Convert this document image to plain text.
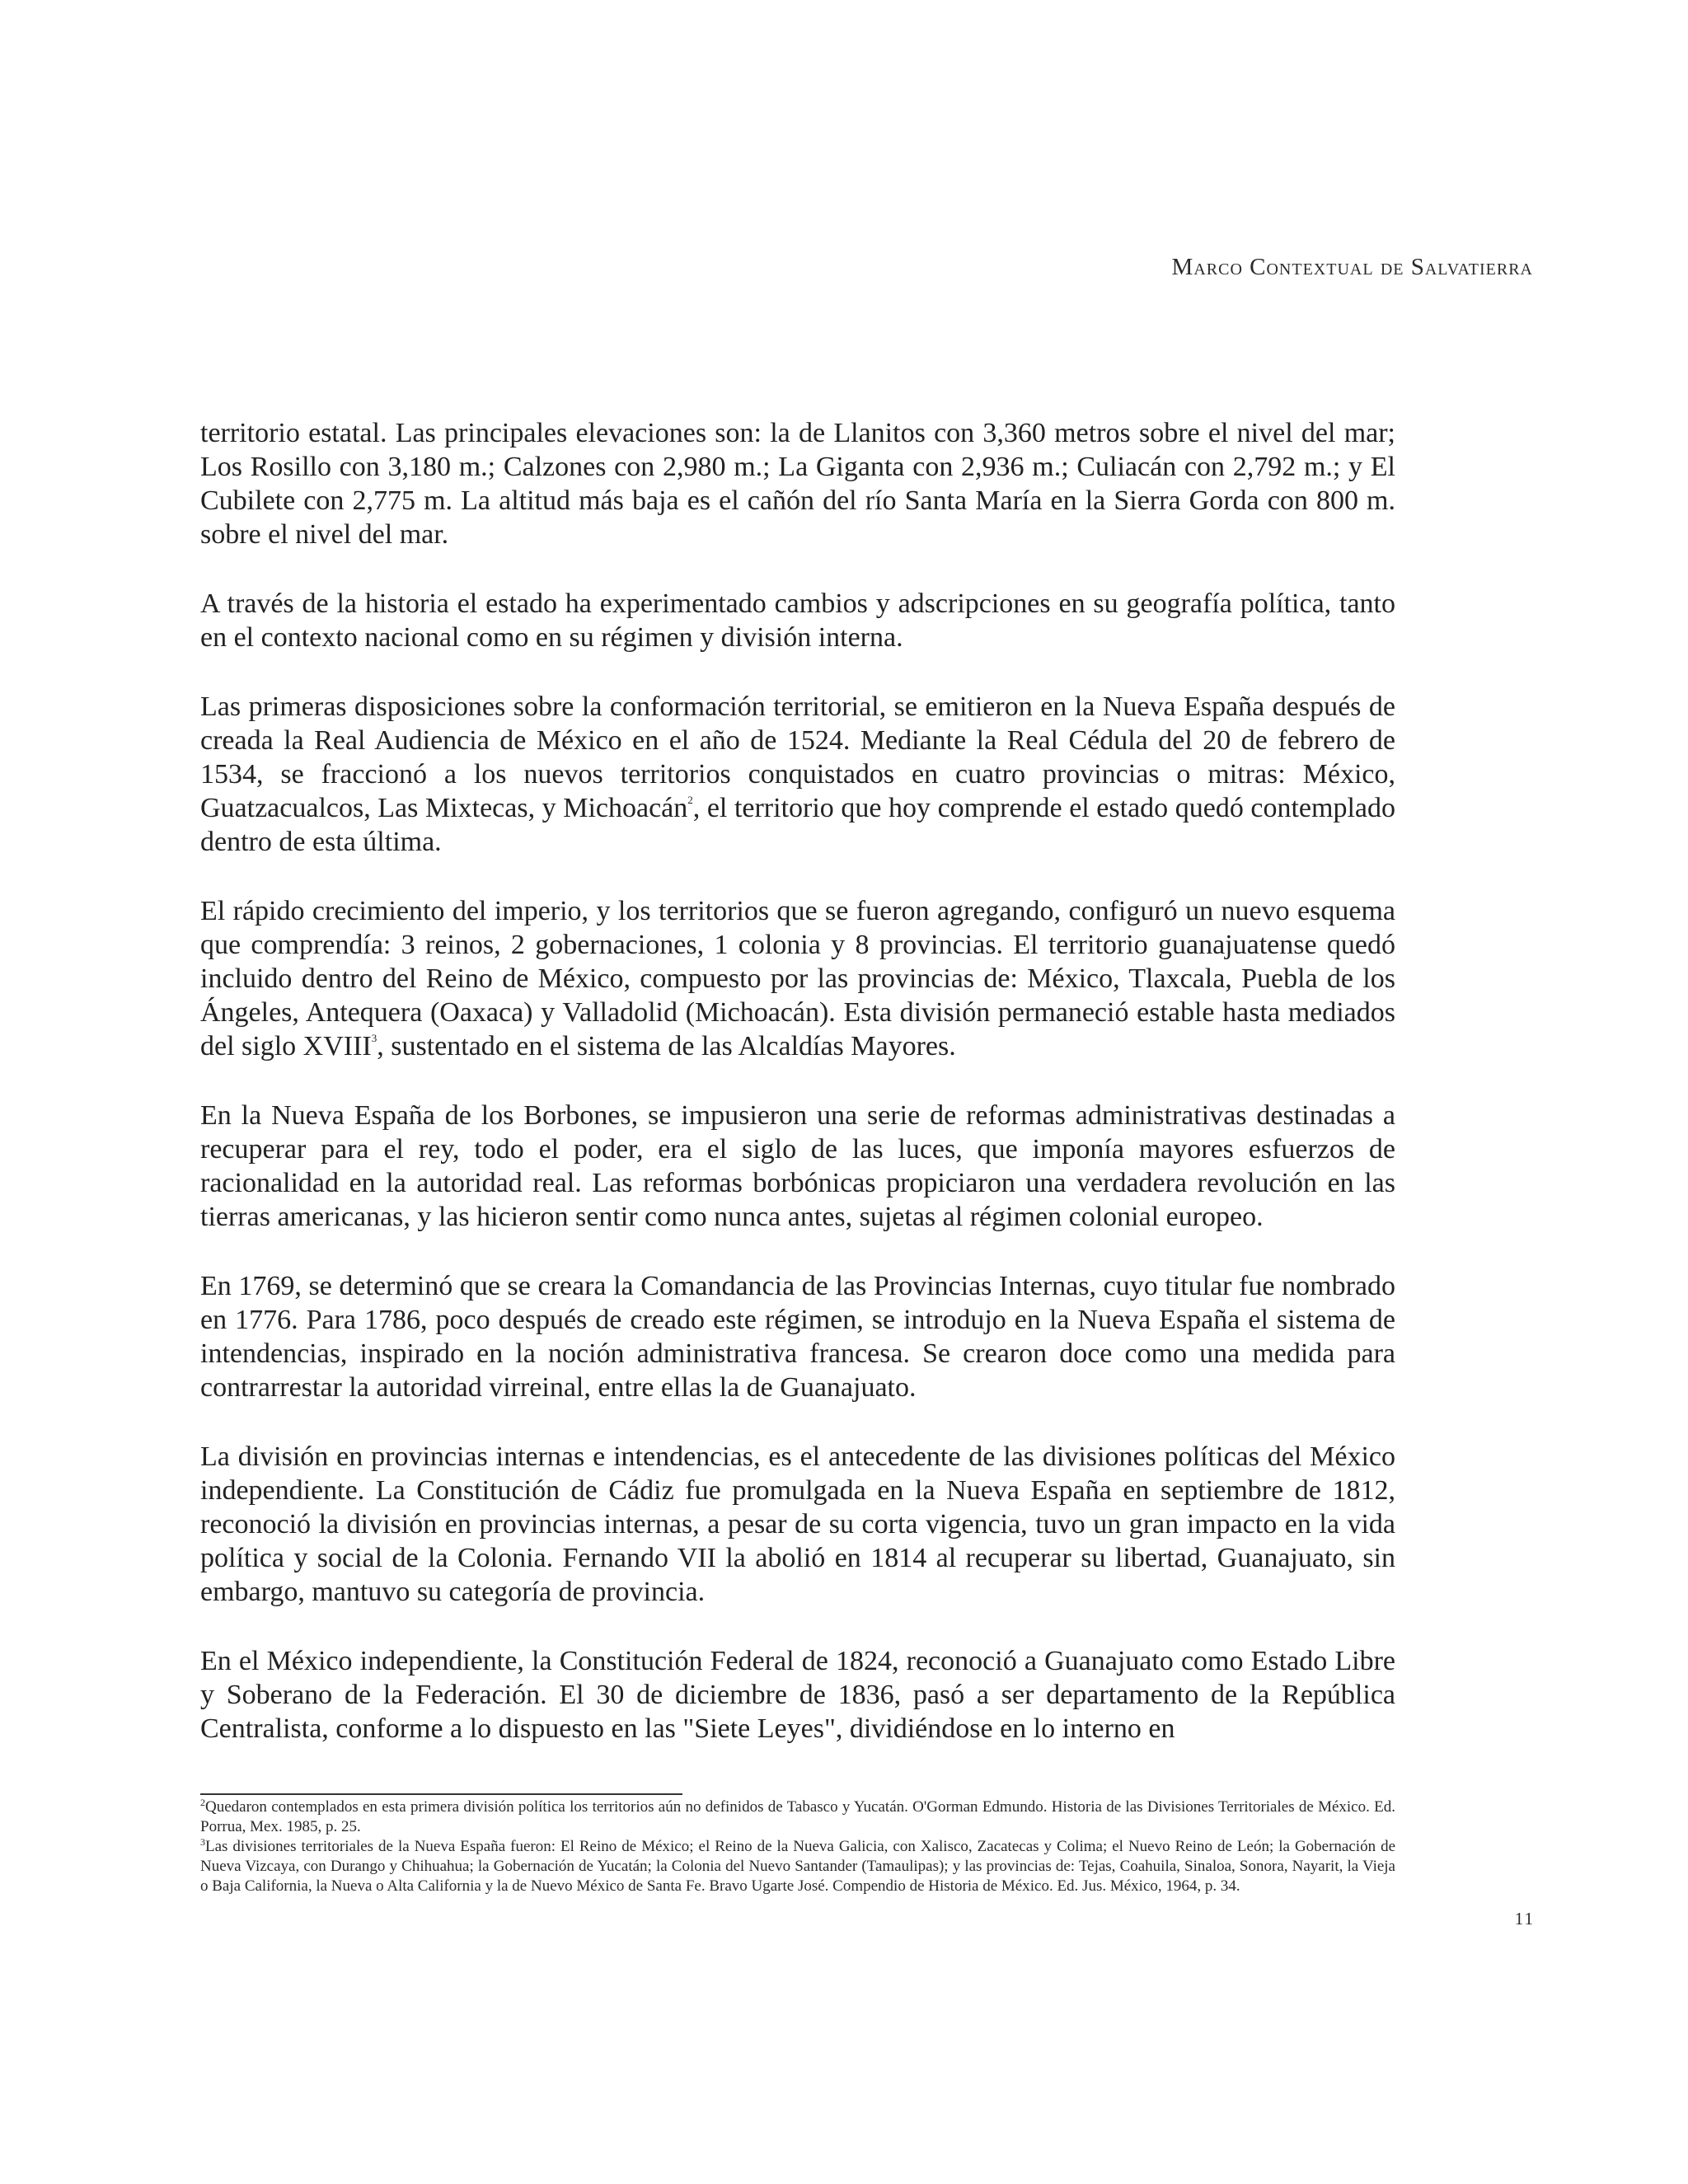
Marco Contextual de Salvatierra

territorio estatal. Las principales elevaciones son: la de Llanitos con 3,360 metros sobre el nivel del mar; Los Rosillo con 3,180 m.; Calzones con 2,980 m.; La Giganta con 2,936 m.; Culiacán con 2,792 m.; y El Cubilete con 2,775 m. La altitud más baja es el cañón del río Santa María en la Sierra Gorda con 800 m. sobre el nivel del mar.

A través de la historia el estado ha experimentado cambios y adscripciones en su geografía política, tanto en el contexto nacional como en su régimen y división interna.

Las primeras disposiciones sobre la conformación territorial, se emitieron en la Nueva España después de creada la Real Audiencia de México en el año de 1524. Mediante la Real Cédula del 20 de febrero de 1534, se fraccionó a los nuevos territorios conquistados en cuatro provincias o mitras: México, Guatzacualcos, Las Mixtecas, y Michoacán$^2$, el territorio que hoy comprende el estado quedó contemplado dentro de esta última.

El rápido crecimiento del imperio, y los territorios que se fueron agregando, configuró un nuevo esquema que comprendía: 3 reinos, 2 gobernaciones, 1 colonia y 8 provincias. El territorio guanajuatense quedó incluido dentro del Reino de México, compuesto por las provincias de: México, Tlaxcala, Puebla de los Ángeles, Antequera (Oaxaca) y Valladolid (Michoacán). Esta división permaneció estable hasta mediados del siglo XVIII$^3$, sustentado en el sistema de las Alcaldías Mayores.

En la Nueva España de los Borbones, se impusieron una serie de reformas administrativas destinadas a recuperar para el rey, todo el poder, era el siglo de las luces, que imponía mayores esfuerzos de racionalidad en la autoridad real. Las reformas borbónicas propiciaron una verdadera revolución en las tierras americanas, y las hicieron sentir como nunca antes, sujetas al régimen colonial europeo.

En 1769, se determinó que se creara la Comandancia de las Provincias Internas, cuyo titular fue nombrado en 1776. Para 1786, poco después de creado este régimen, se introdujo en la Nueva España el sistema de intendencias, inspirado en la noción administrativa francesa. Se crearon doce como una medida para contrarrestar la autoridad virreinal, entre ellas la de Guanajuato.

La división en provincias internas e intendencias, es el antecedente de las divisiones políticas del México independiente. La Constitución de Cádiz fue promulgada en la Nueva España en septiembre de 1812, reconoció la división en provincias internas, a pesar de su corta vigencia, tuvo un gran impacto en la vida política y social de la Colonia. Fernando VII la abolió en 1814 al recuperar su libertad, Guanajuato, sin embargo, mantuvo su categoría de provincia.

En el México independiente, la Constitución Federal de 1824, reconoció a Guanajuato como Estado Libre y Soberano de la Federación. El 30 de diciembre de 1836, pasó a ser departamento de la República Centralista, conforme a lo dispuesto en las "Siete Leyes", dividiéndose en lo interno en

$^2$Quedaron contemplados en esta primera división política los territorios aún no definidos de Tabasco y Yucatán. O'Gorman Edmundo. Historia de las Divisiones Territoriales de México. Ed. Porrua, Mex. 1985, p. 25.

$^3$Las divisiones territoriales de la Nueva España fueron: El Reino de México; el Reino de la Nueva Galicia, con Xalisco, Zacatecas y Colima; el Nuevo Reino de León; la Gobernación de Nueva Vizcaya, con Durango y Chihuahua; la Gobernación de Yucatán; la Colonia del Nuevo Santander (Tamaulipas); y las provincias de: Tejas, Coahuila, Sinaloa, Sonora, Nayarit, la Vieja o Baja California, la Nueva o Alta California y la de Nuevo México de Santa Fe. Bravo Ugarte José. Compendio de Historia de México. Ed. Jus. México, 1964, p. 34.

11
